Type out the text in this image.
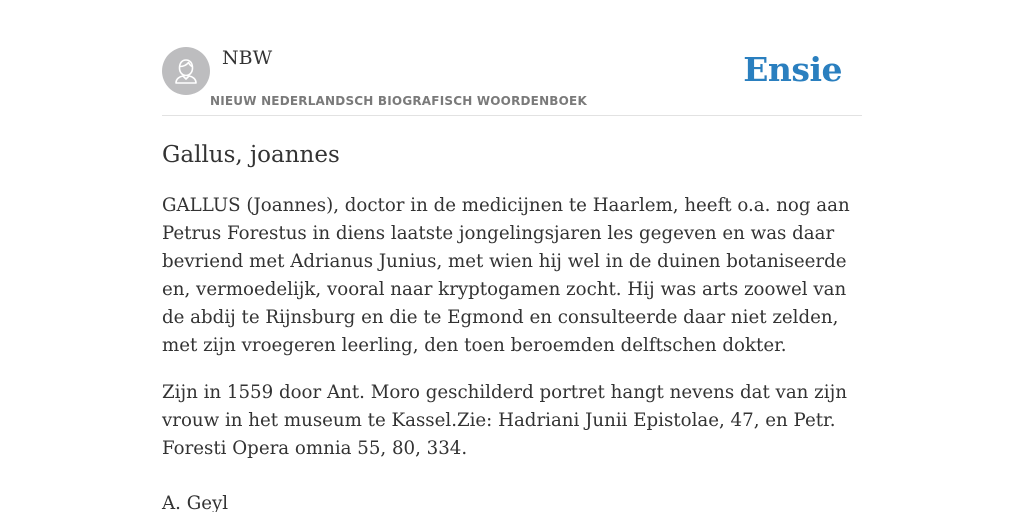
NBW
NIEUW NEDERLANDSCH BIOGRAFISCH WOORDENBOEK
Ensie
Gallus, joannes

GALLUS (Joannes), doctor in de medicijnen te Haarlem, heeft o.a. nog aan Petrus Forestus in diens laatste jongelingsjaren les gegeven en was daar bevriend met Adrianus Junius, met wien hij wel in de duinen botaniseerde en, vermoedelijk, vooral naar kryptogamen zocht. Hij was arts zoowel van de abdij te Rijnsburg en die te Egmond en consulteerde daar niet zelden, met zijn vroegeren leerling, den toen beroemden delftschen dokter.

Zijn in 1559 door Ant. Moro geschilderd portret hangt nevens dat van zijn vrouw in het museum te Kassel.Zie: Hadriani Junii Epistolae, 47, en Petr. Foresti Opera omnia 55, 80, 334.

A. Geyl
